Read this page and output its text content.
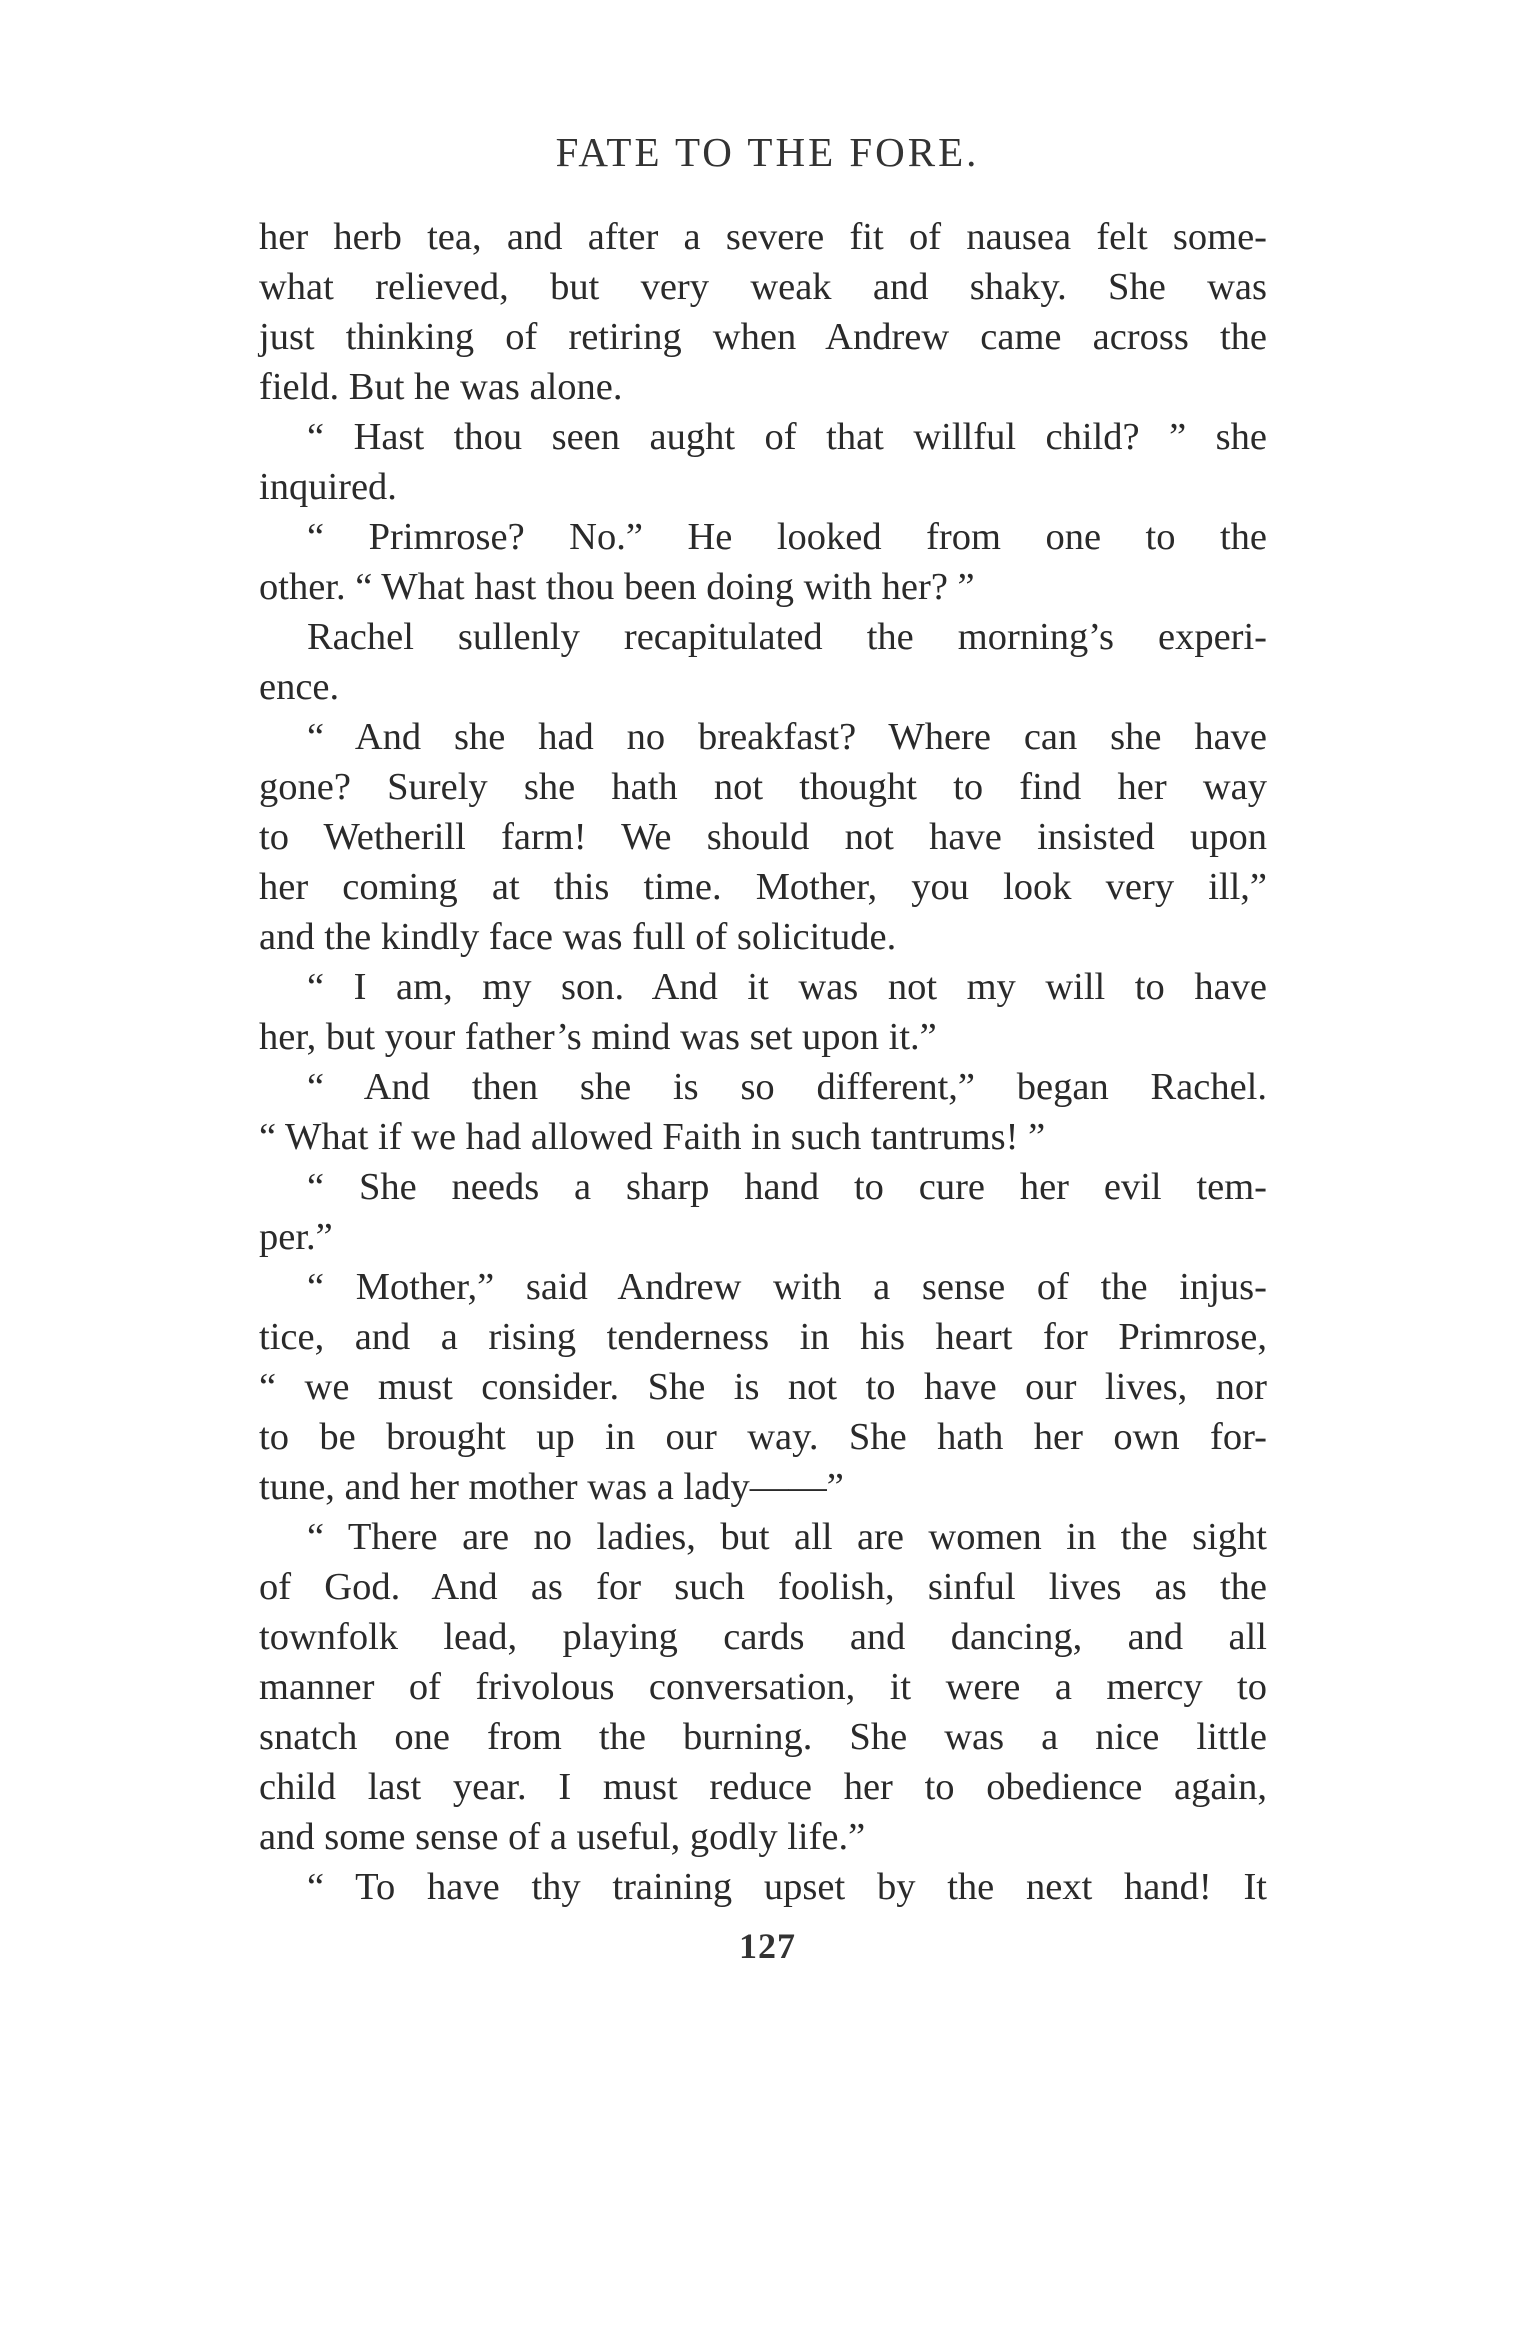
FATE TO THE FORE.
her herb tea, and after a severe fit of nausea felt some-
what relieved, but very weak and shaky. She was
just thinking of retiring when Andrew came across the
field. But he was alone.
“ Hast thou seen aught of that willful child? ” she
inquired.
“ Primrose? No.” He looked from one to the
other. “ What hast thou been doing with her? ”
Rachel sullenly recapitulated the morning’s experi-
ence.
“ And she had no breakfast? Where can she have
gone? Surely she hath not thought to find her way
to Wetherill farm! We should not have insisted upon
her coming at this time. Mother, you look very ill,”
and the kindly face was full of solicitude.
“ I am, my son. And it was not my will to have
her, but your father’s mind was set upon it.”
“ And then she is so different,” began Rachel.
“ What if we had allowed Faith in such tantrums! ”
“ She needs a sharp hand to cure her evil tem-
per.”
“ Mother,” said Andrew with a sense of the injus-
tice, and a rising tenderness in his heart for Primrose,
“ we must consider. She is not to have our lives, nor
to be brought up in our way. She hath her own for-
tune, and her mother was a lady——”
“ There are no ladies, but all are women in the sight
of God. And as for such foolish, sinful lives as the
townfolk lead, playing cards and dancing, and all
manner of frivolous conversation, it were a mercy to
snatch one from the burning. She was a nice little
child last year. I must reduce her to obedience again,
and some sense of a useful, godly life.”
“ To have thy training upset by the next hand! It
127
